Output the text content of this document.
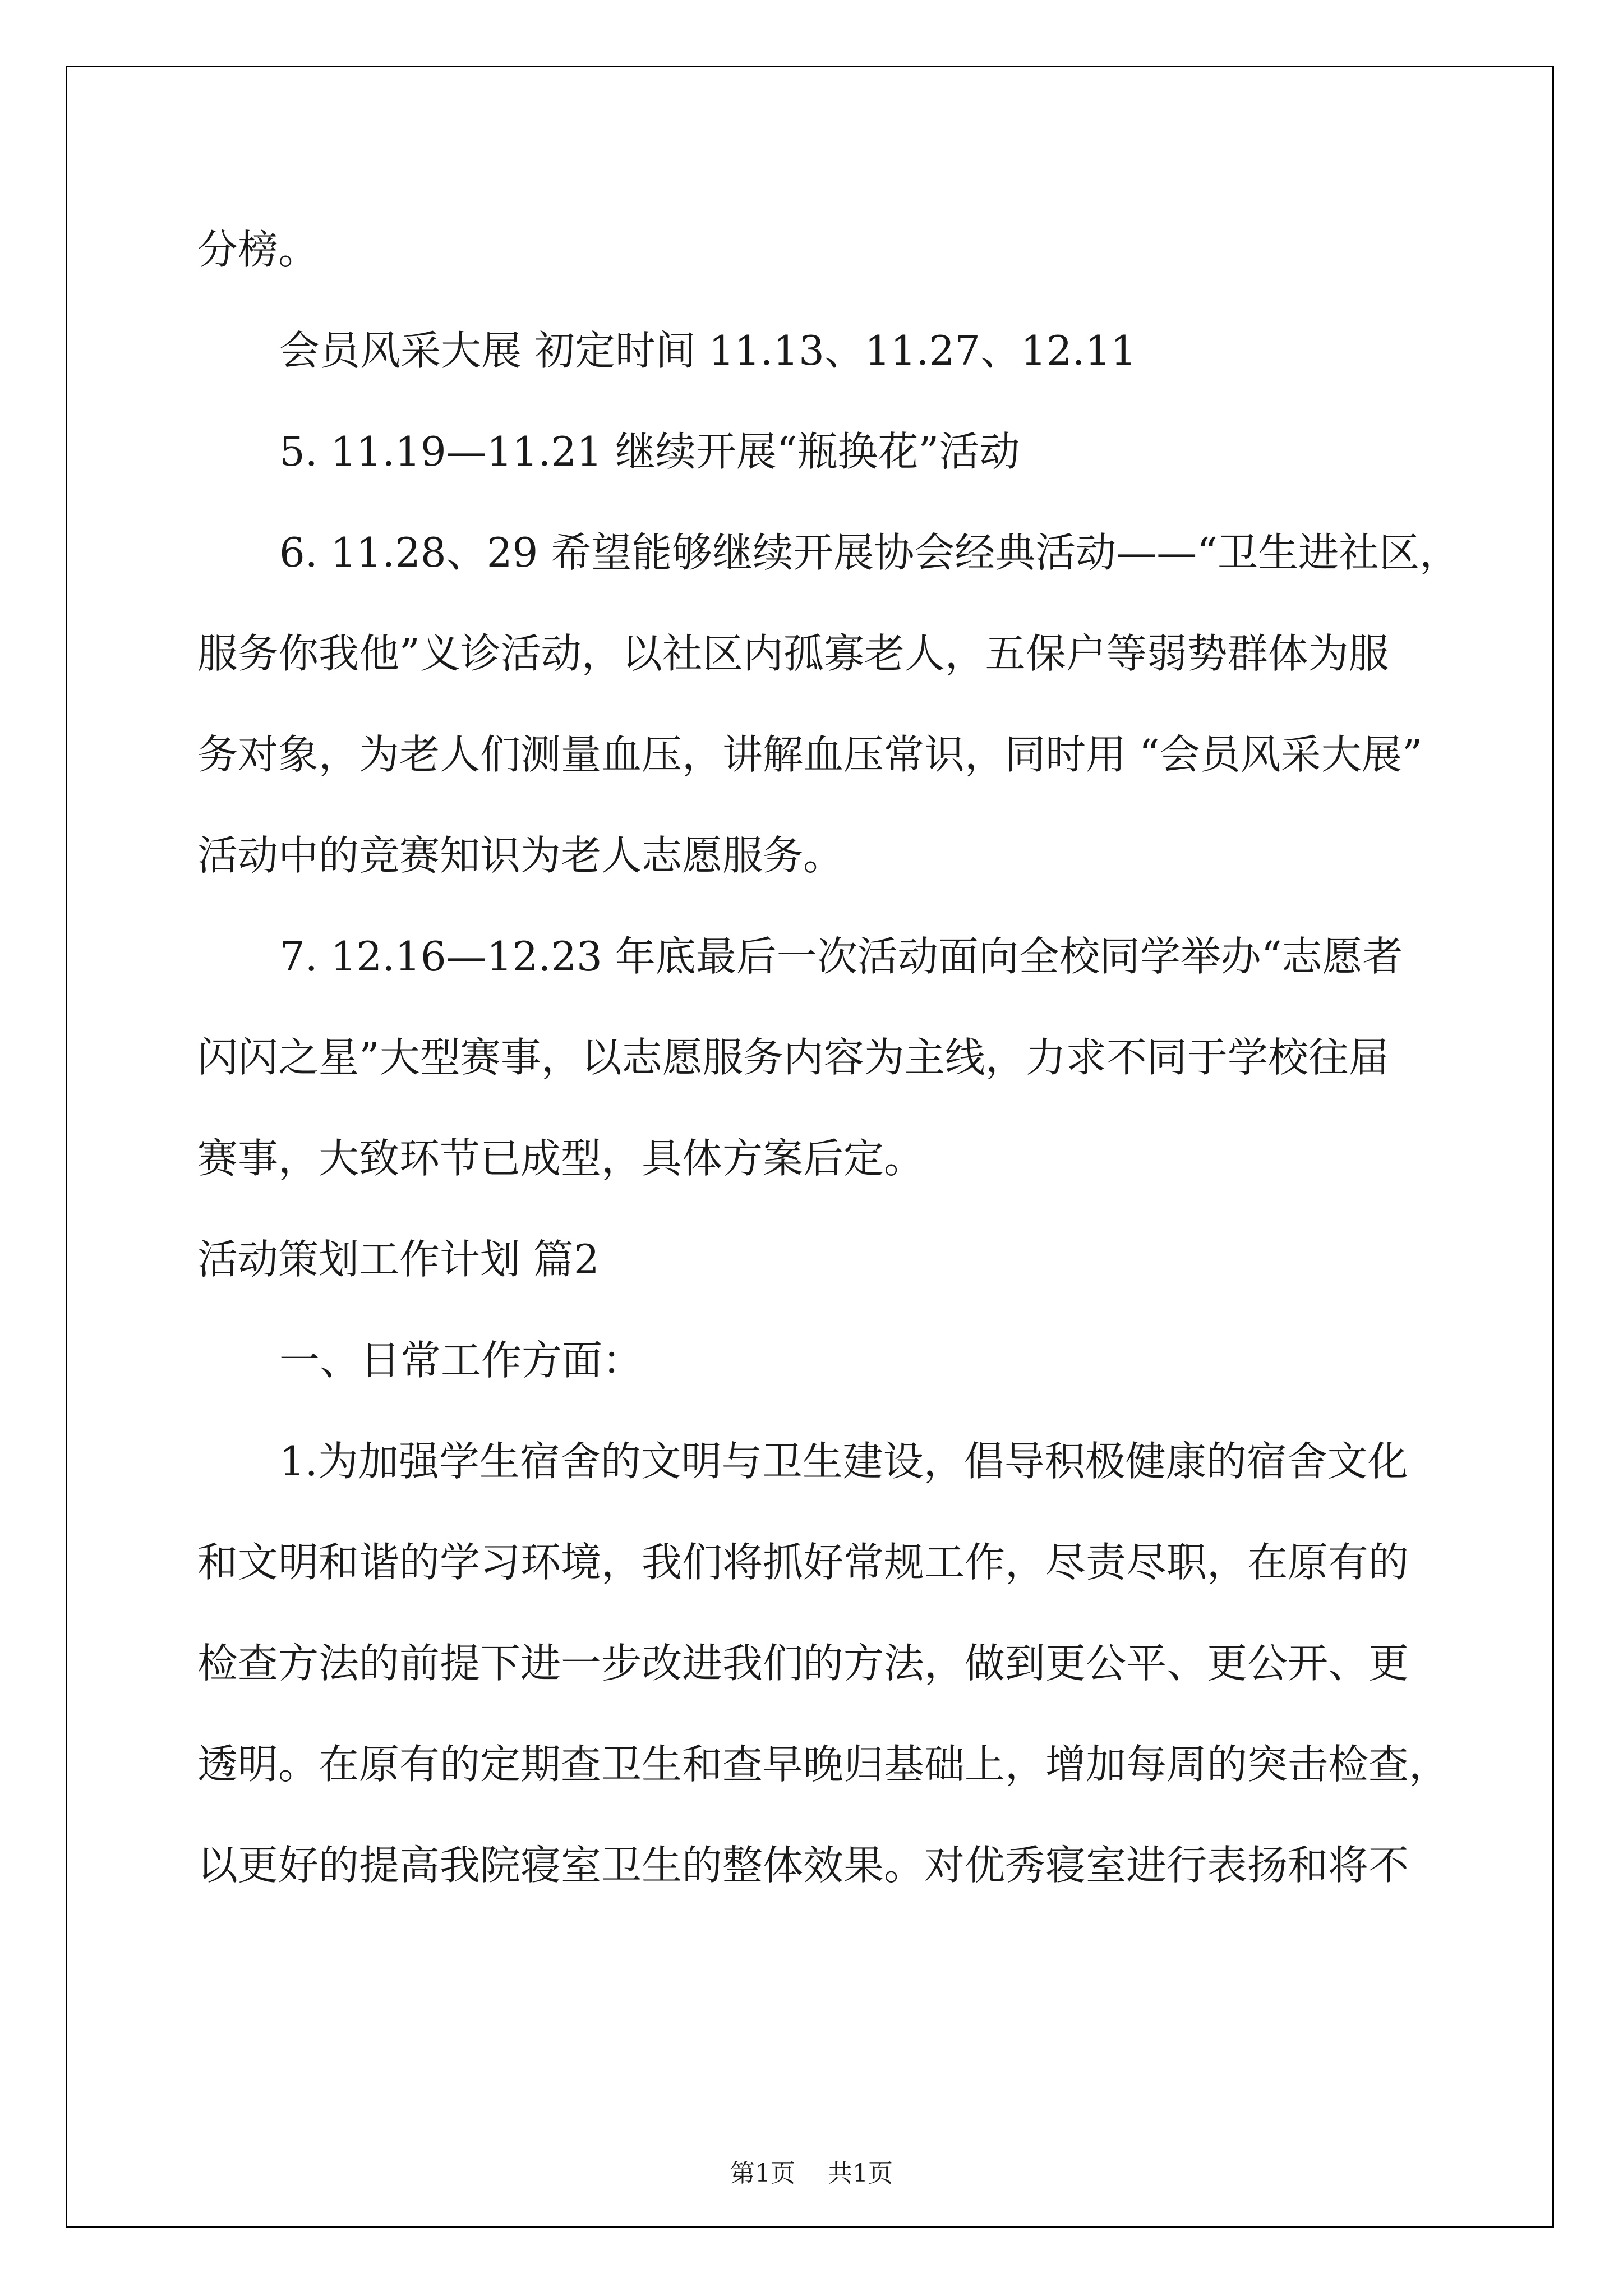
分榜。
会员风采大展 初定时间 11.13、11.27、12.11
5. 11.19—11.21 继续开展“瓶换花”活动
6. 11.28、29 希望能够继续开展协会经典活动——“卫生进社区，
服务你我他”义诊活动，以社区内孤寡老人，五保户等弱势群体为服
务对象，为老人们测量血压，讲解血压常识，同时用 “会员风采大展”
活动中的竞赛知识为老人志愿服务。
7. 12.16—12.23 年底最后一次活动面向全校同学举办“志愿者
闪闪之星”大型赛事，以志愿服务内容为主线，力求不同于学校往届
赛事，大致环节已成型，具体方案后定。
活动策划工作计划 篇2
一、日常工作方面：
1.为加强学生宿舍的文明与卫生建设，倡导积极健康的宿舍文化
和文明和谐的学习环境，我们将抓好常规工作，尽责尽职，在原有的
检查方法的前提下进一步改进我们的方法，做到更公平、更公开、更
透明。在原有的定期查卫生和查早晚归基础上，增加每周的突击检查，
以更好的提高我院寝室卫生的整体效果。对优秀寝室进行表扬和将不
第1页 共1页
